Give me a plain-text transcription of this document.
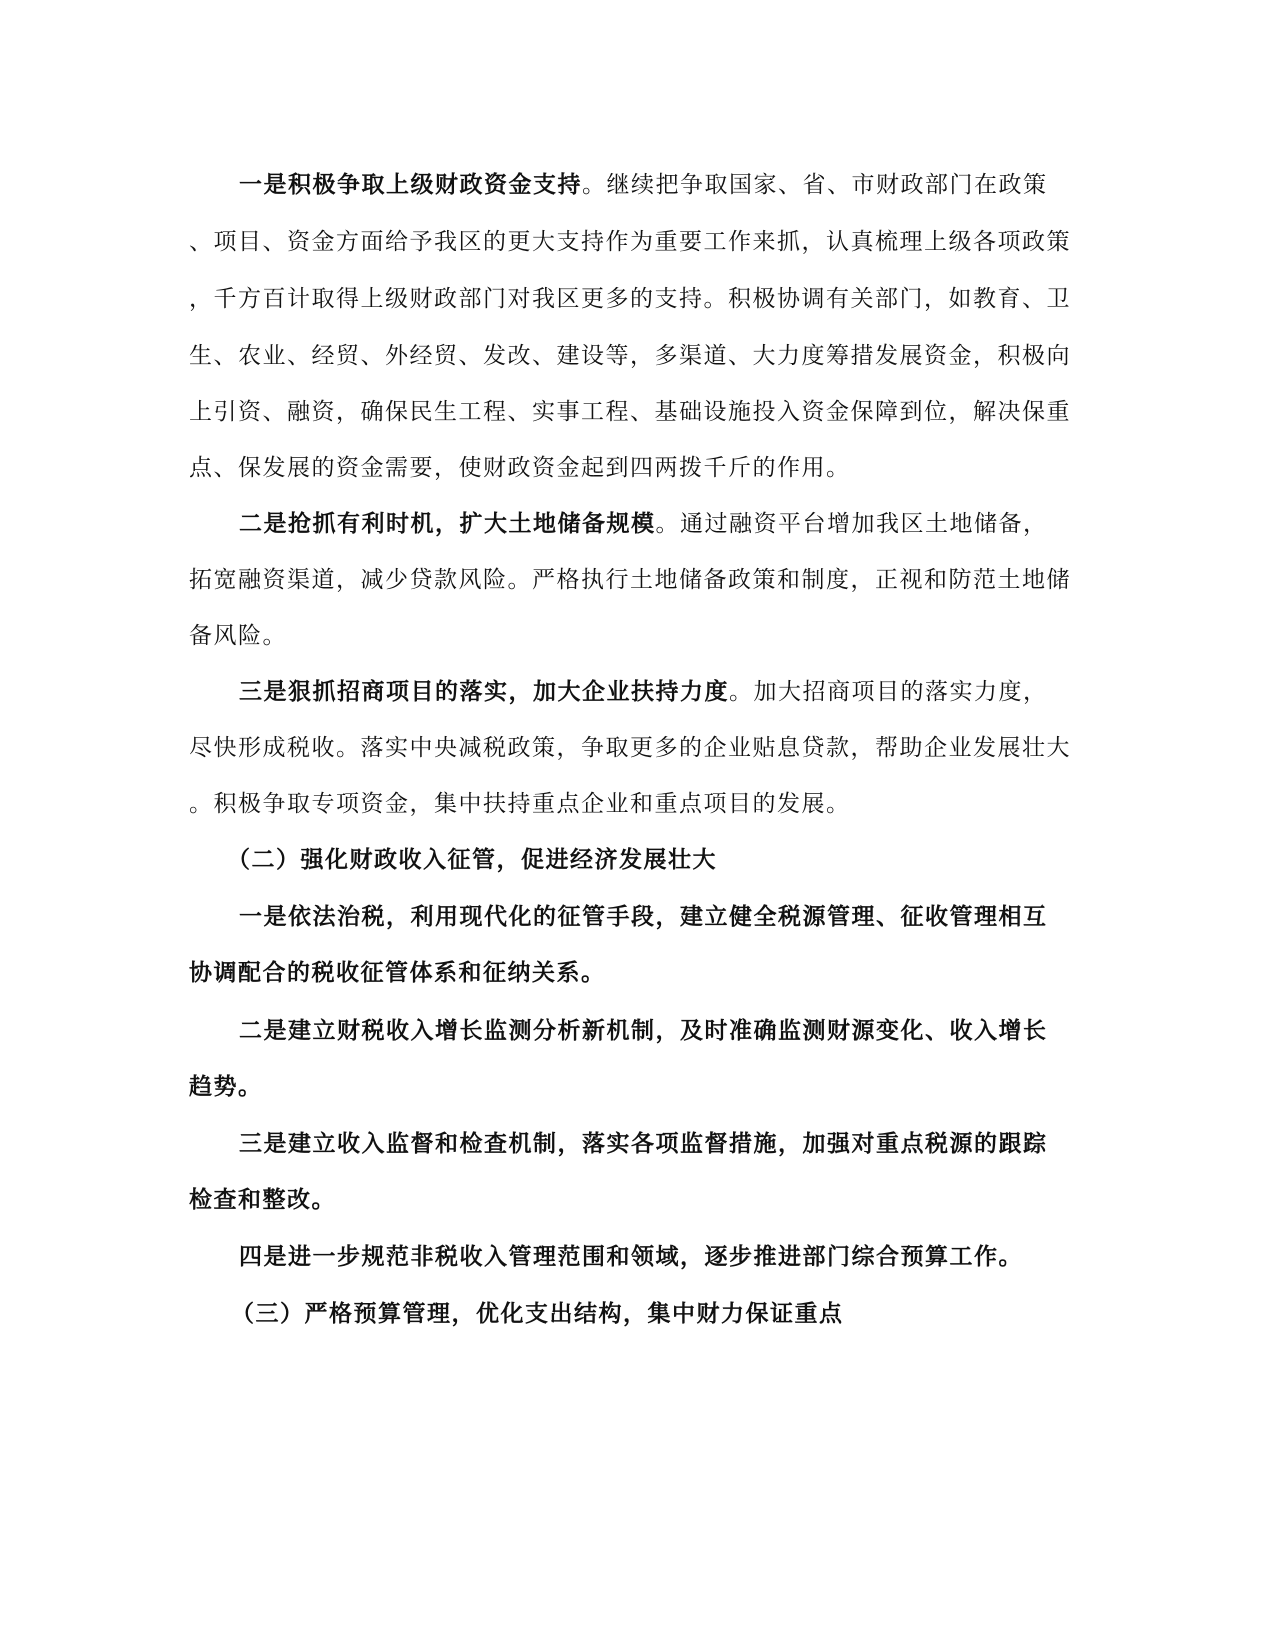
一是积极争取上级财政资金支持。继续把争取国家、省、市财政部门在政策
、项目、资金方面给予我区的更大支持作为重要工作来抓，认真梳理上级各项政策
，千方百计取得上级财政部门对我区更多的支持。积极协调有关部门，如教育、卫
生、农业、经贸、外经贸、发改、建设等，多渠道、大力度筹措发展资金，积极向
上引资、融资，确保民生工程、实事工程、基础设施投入资金保障到位，解决保重
点、保发展的资金需要，使财政资金起到四两拨千斤的作用。
二是抢抓有利时机，扩大土地储备规模。通过融资平台增加我区土地储备，
拓宽融资渠道，减少贷款风险。严格执行土地储备政策和制度，正视和防范土地储
备风险。
三是狠抓招商项目的落实，加大企业扶持力度。加大招商项目的落实力度，
尽快形成税收。落实中央减税政策，争取更多的企业贴息贷款，帮助企业发展壮大
。积极争取专项资金，集中扶持重点企业和重点项目的发展。
（二）强化财政收入征管，促进经济发展壮大
一是依法治税，利用现代化的征管手段，建立健全税源管理、征收管理相互
协调配合的税收征管体系和征纳关系。
二是建立财税收入增长监测分析新机制，及时准确监测财源变化、收入增长
趋势。
三是建立收入监督和检查机制，落实各项监督措施，加强对重点税源的跟踪
检查和整改。
四是进一步规范非税收入管理范围和领域，逐步推进部门综合预算工作。
（三）严格预算管理，优化支出结构，集中财力保证重点
